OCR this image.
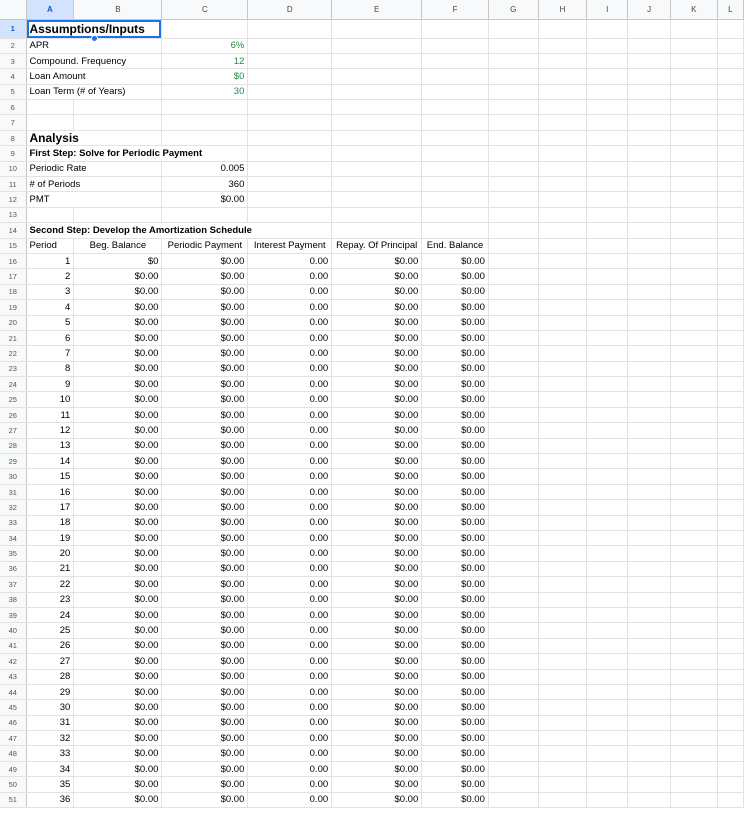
	A	B	C	D	E	F	G	H	I	J	K	L
1	Assumptions/Inputs											
2	APR		6%									
3	Compound. Frequency		12									
4	Loan Amount		$0									
5	Loan Term (# of Years)		30									
6												
7												
8	Analysis											
9	First Step: Solve for Periodic Payment											
10	Periodic Rate		0.005									
11	# of Periods		360									
12	PMT		$0.00									
13												
14	Second Step: Develop the Amortization Schedule											
15	Period	Beg. Balance	Periodic Payment	Interest Payment	Repay. Of Principal	End. Balance						
16	1	$0	$0.00	0.00	$0.00	$0.00						
17	2	$0.00	$0.00	0.00	$0.00	$0.00						
18	3	$0.00	$0.00	0.00	$0.00	$0.00						
19	4	$0.00	$0.00	0.00	$0.00	$0.00						
20	5	$0.00	$0.00	0.00	$0.00	$0.00						
21	6	$0.00	$0.00	0.00	$0.00	$0.00						
22	7	$0.00	$0.00	0.00	$0.00	$0.00						
23	8	$0.00	$0.00	0.00	$0.00	$0.00						
24	9	$0.00	$0.00	0.00	$0.00	$0.00						
25	10	$0.00	$0.00	0.00	$0.00	$0.00						
26	11	$0.00	$0.00	0.00	$0.00	$0.00						
27	12	$0.00	$0.00	0.00	$0.00	$0.00						
28	13	$0.00	$0.00	0.00	$0.00	$0.00						
29	14	$0.00	$0.00	0.00	$0.00	$0.00						
30	15	$0.00	$0.00	0.00	$0.00	$0.00						
31	16	$0.00	$0.00	0.00	$0.00	$0.00						
32	17	$0.00	$0.00	0.00	$0.00	$0.00						
33	18	$0.00	$0.00	0.00	$0.00	$0.00						
34	19	$0.00	$0.00	0.00	$0.00	$0.00						
35	20	$0.00	$0.00	0.00	$0.00	$0.00						
36	21	$0.00	$0.00	0.00	$0.00	$0.00						
37	22	$0.00	$0.00	0.00	$0.00	$0.00						
38	23	$0.00	$0.00	0.00	$0.00	$0.00						
39	24	$0.00	$0.00	0.00	$0.00	$0.00						
40	25	$0.00	$0.00	0.00	$0.00	$0.00						
41	26	$0.00	$0.00	0.00	$0.00	$0.00						
42	27	$0.00	$0.00	0.00	$0.00	$0.00						
43	28	$0.00	$0.00	0.00	$0.00	$0.00						
44	29	$0.00	$0.00	0.00	$0.00	$0.00						
45	30	$0.00	$0.00	0.00	$0.00	$0.00						
46	31	$0.00	$0.00	0.00	$0.00	$0.00						
47	32	$0.00	$0.00	0.00	$0.00	$0.00						
48	33	$0.00	$0.00	0.00	$0.00	$0.00						
49	34	$0.00	$0.00	0.00	$0.00	$0.00						
50	35	$0.00	$0.00	0.00	$0.00	$0.00						
51	36	$0.00	$0.00	0.00	$0.00	$0.00						
